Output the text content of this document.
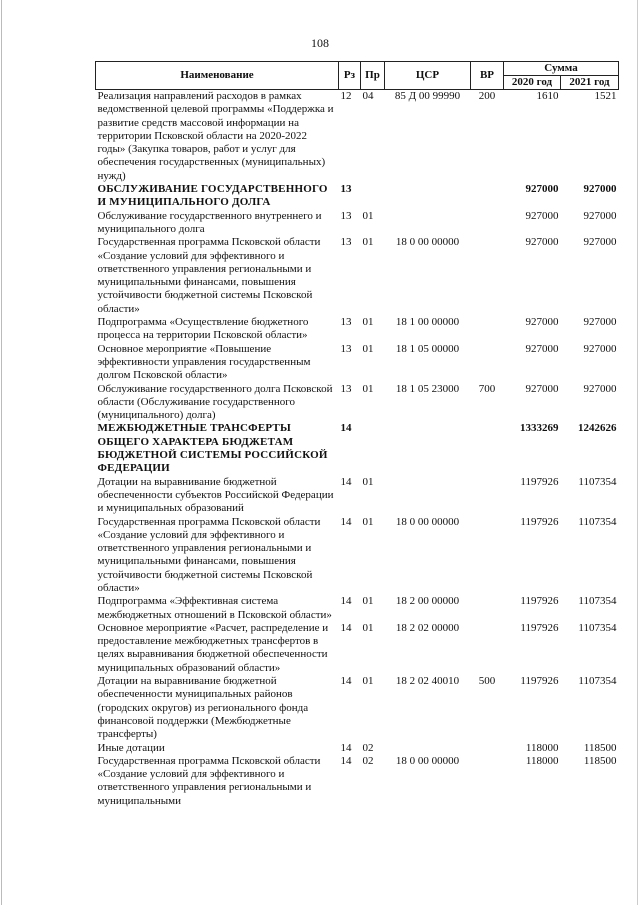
108
Наименование	Рз	Пр	ЦСР	ВР	Сумма	
					2020 год	2021 год
Реализация направлений расходов в рамках ведомственной целевой программы «Поддержка и развитие средств массовой информации на территории Псковской области на 2020-2022 годы» (Закупка товаров, работ и услуг для обеспечения государственных (муниципальных) нужд)	12	04	85 Д 00 99990	200	1610	1521
ОБСЛУЖИВАНИЕ ГОСУДАРСТВЕННОГО И МУНИЦИПАЛЬНОГО ДОЛГА	13				927000	927000
Обслуживание государственного внутреннего и муниципального долга	13	01			927000	927000
Государственная программа Псковской области «Создание условий для эффективного и ответственного управления региональными и муниципальными финансами, повышения устойчивости бюджетной системы Псковской области»	13	01	18 0 00 00000		927000	927000
Подпрограмма «Осуществление бюджетного процесса на территории Псковской области»	13	01	18 1 00 00000		927000	927000
Основное мероприятие «Повышение эффективности управления государственным долгом Псковской области»	13	01	18 1 05 00000		927000	927000
Обслуживание государственного долга Псковской области (Обслуживание государственного (муниципального) долга)	13	01	18 1 05 23000	700	927000	927000
МЕЖБЮДЖЕТНЫЕ ТРАНСФЕРТЫ ОБЩЕГО ХАРАКТЕРА БЮДЖЕТАМ БЮДЖЕТНОЙ СИСТЕМЫ РОССИЙСКОЙ ФЕДЕРАЦИИ	14				1333269	1242626
Дотации на выравнивание бюджетной обеспеченности субъектов Российской Федерации и муниципальных образований	14	01			1197926	1107354
Государственная программа Псковской области «Создание условий для эффективного и ответственного управления региональными и муниципальными финансами, повышения устойчивости бюджетной системы Псковской области»	14	01	18 0 00 00000		1197926	1107354
Подпрограмма «Эффективная система межбюджетных отношений в Псковской области»	14	01	18 2 00 00000		1197926	1107354
Основное мероприятие «Расчет, распределение и предоставление межбюджетных трансфертов в целях выравнивания бюджетной обеспеченности муниципальных образований области»	14	01	18 2 02 00000		1197926	1107354
Дотации на выравнивание бюджетной обеспеченности муниципальных районов (городских округов) из регионального фонда финансовой поддержки (Межбюджетные трансферты)	14	01	18 2 02 40010	500	1197926	1107354
Иные дотации	14	02			118000	118500
Государственная программа Псковской области «Создание условий для эффективного и ответственного управления региональными и муниципальными	14	02	18 0 00 00000		118000	118500
